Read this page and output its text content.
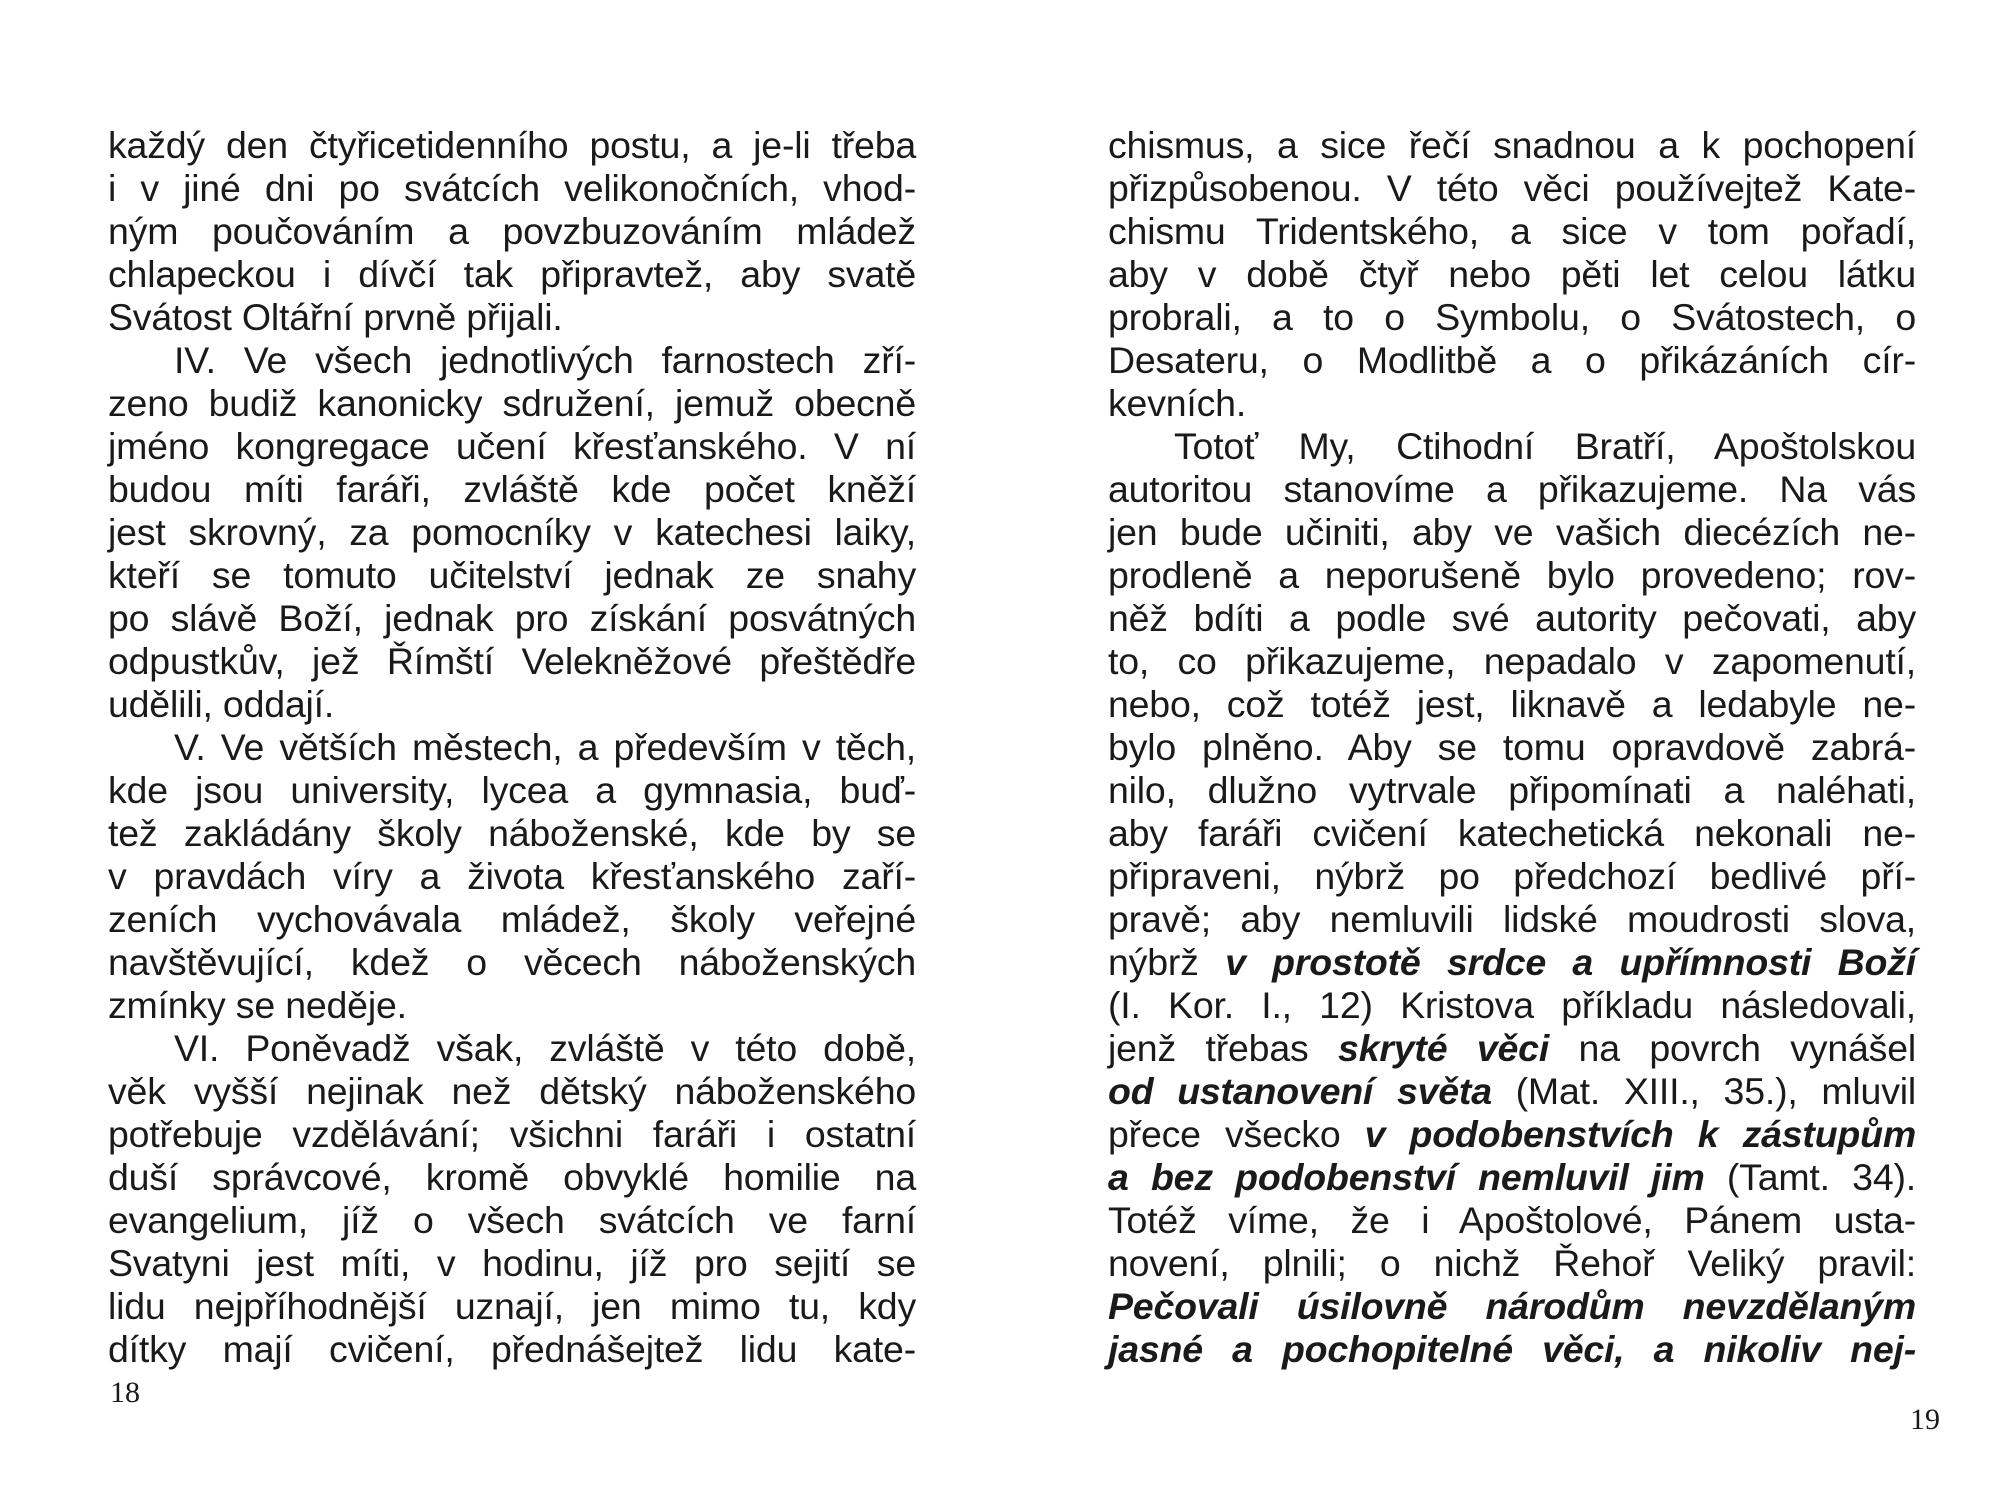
každý den čtyřicetidenního postu, a je-li třeba
i v jiné dni po svátcích velikonočních, vhod-
ným poučováním a povzbuzováním mládež
chlapeckou i dívčí tak připravtež, aby svatě
Svátost Oltářní prvně přijali.
IV. Ve všech jednotlivých farnostech zří-
zeno budiž kanonicky sdružení, jemuž obecně
jméno kongregace učení křesťanského. V ní
budou míti faráři, zvláště kde počet kněží
jest skrovný, za pomocníky v katechesi laiky,
kteří se tomuto učitelství jednak ze snahy
po slávě Boží, jednak pro získání posvátných
odpustkův, jež Římští Velekněžové přeštědře
udělili, oddají.
V. Ve větších městech, a především v těch,
kde jsou university, lycea a gymnasia, buď-
tež zakládány školy náboženské, kde by se
v pravdách víry a života křesťanského zaří-
zeních vychovávala mládež, školy veřejné
navštěvující, kdež o věcech náboženských
zmínky se neděje.
VI. Poněvadž však, zvláště v této době,
věk vyšší nejinak než dětský náboženského
potřebuje vzdělávání; všichni faráři i ostatní
duší správcové, kromě obvyklé homilie na
evangelium, jíž o všech svátcích ve farní
Svatyni jest míti, v hodinu, jíž pro sejití se
lidu nejpříhodnější uznají, jen mimo tu, kdy
dítky mají cvičení, přednášejtež lidu kate-
18
chismus, a sice řečí snadnou a k pochopení
přizpůsobenou. V této věci používejtež Kate-
chismu Tridentského, a sice v tom pořadí,
aby v době čtyř nebo pěti let celou látku
probrali, a to o Symbolu, o Svátostech, o
Desateru, o Modlitbě a o přikázáních cír-
kevních.
Totoť My, Ctihodní Bratří, Apoštolskou
autoritou stanovíme a přikazujeme. Na vás
jen bude učiniti, aby ve vašich diecézích ne-
prodleně a neporušeně bylo provedeno; rov-
něž bdíti a podle své autority pečovati, aby
to, co přikazujeme, nepadalo v zapomenutí,
nebo, což totéž jest, liknavě a ledabyle ne-
bylo plněno. Aby se tomu opravdově zabrá-
nilo, dlužno vytrvale připomínati a naléhati,
aby faráři cvičení katechetická nekonali ne-
připraveni, nýbrž po předchozí bedlivé pří-
pravě; aby nemluvili lidské moudrosti slova,
nýbrž v prostotě srdce a upřímnosti Boží
(I. Kor. I., 12) Kristova příkladu následovali,
jenž třebas skryté věci na povrch vynášel
od ustanovení světa (Mat. XIII., 35.), mluvil
přece všecko v podobenstvích k zástupům
a bez podobenství nemluvil jim (Tamt. 34).
Totéž víme, že i Apoštolové, Pánem usta-
novení, plnili; o nichž Řehoř Veliký pravil:
Pečovali úsilovně národům nevzdělaným
jasné a pochopitelné věci, a nikoliv nej-
19
